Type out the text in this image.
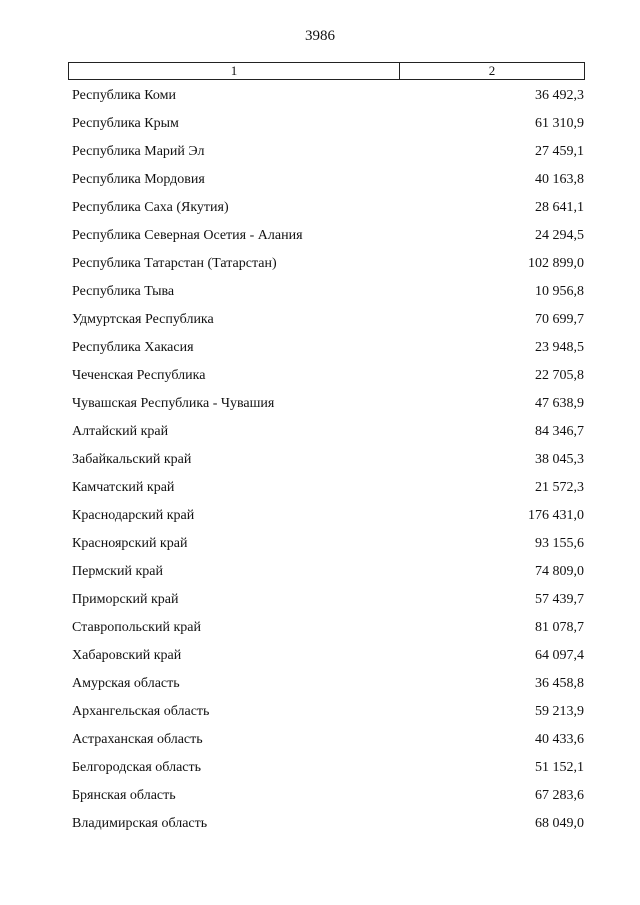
3986
1	2
Республика Коми	36 492,3
Республика Крым	61 310,9
Республика Марий Эл	27 459,1
Республика Мордовия	40 163,8
Республика Саха (Якутия)	28 641,1
Республика Северная Осетия - Алания	24 294,5
Республика Татарстан (Татарстан)	102 899,0
Республика Тыва	10 956,8
Удмуртская Республика	70 699,7
Республика Хакасия	23 948,5
Чеченская Республика	22 705,8
Чувашская Республика - Чувашия	47 638,9
Алтайский край	84 346,7
Забайкальский край	38 045,3
Камчатский край	21 572,3
Краснодарский край	176 431,0
Красноярский край	93 155,6
Пермский край	74 809,0
Приморский край	57 439,7
Ставропольский край	81 078,7
Хабаровский край	64 097,4
Амурская область	36 458,8
Архангельская область	59 213,9
Астраханская область	40 433,6
Белгородская область	51 152,1
Брянская область	67 283,6
Владимирская область	68 049,0
